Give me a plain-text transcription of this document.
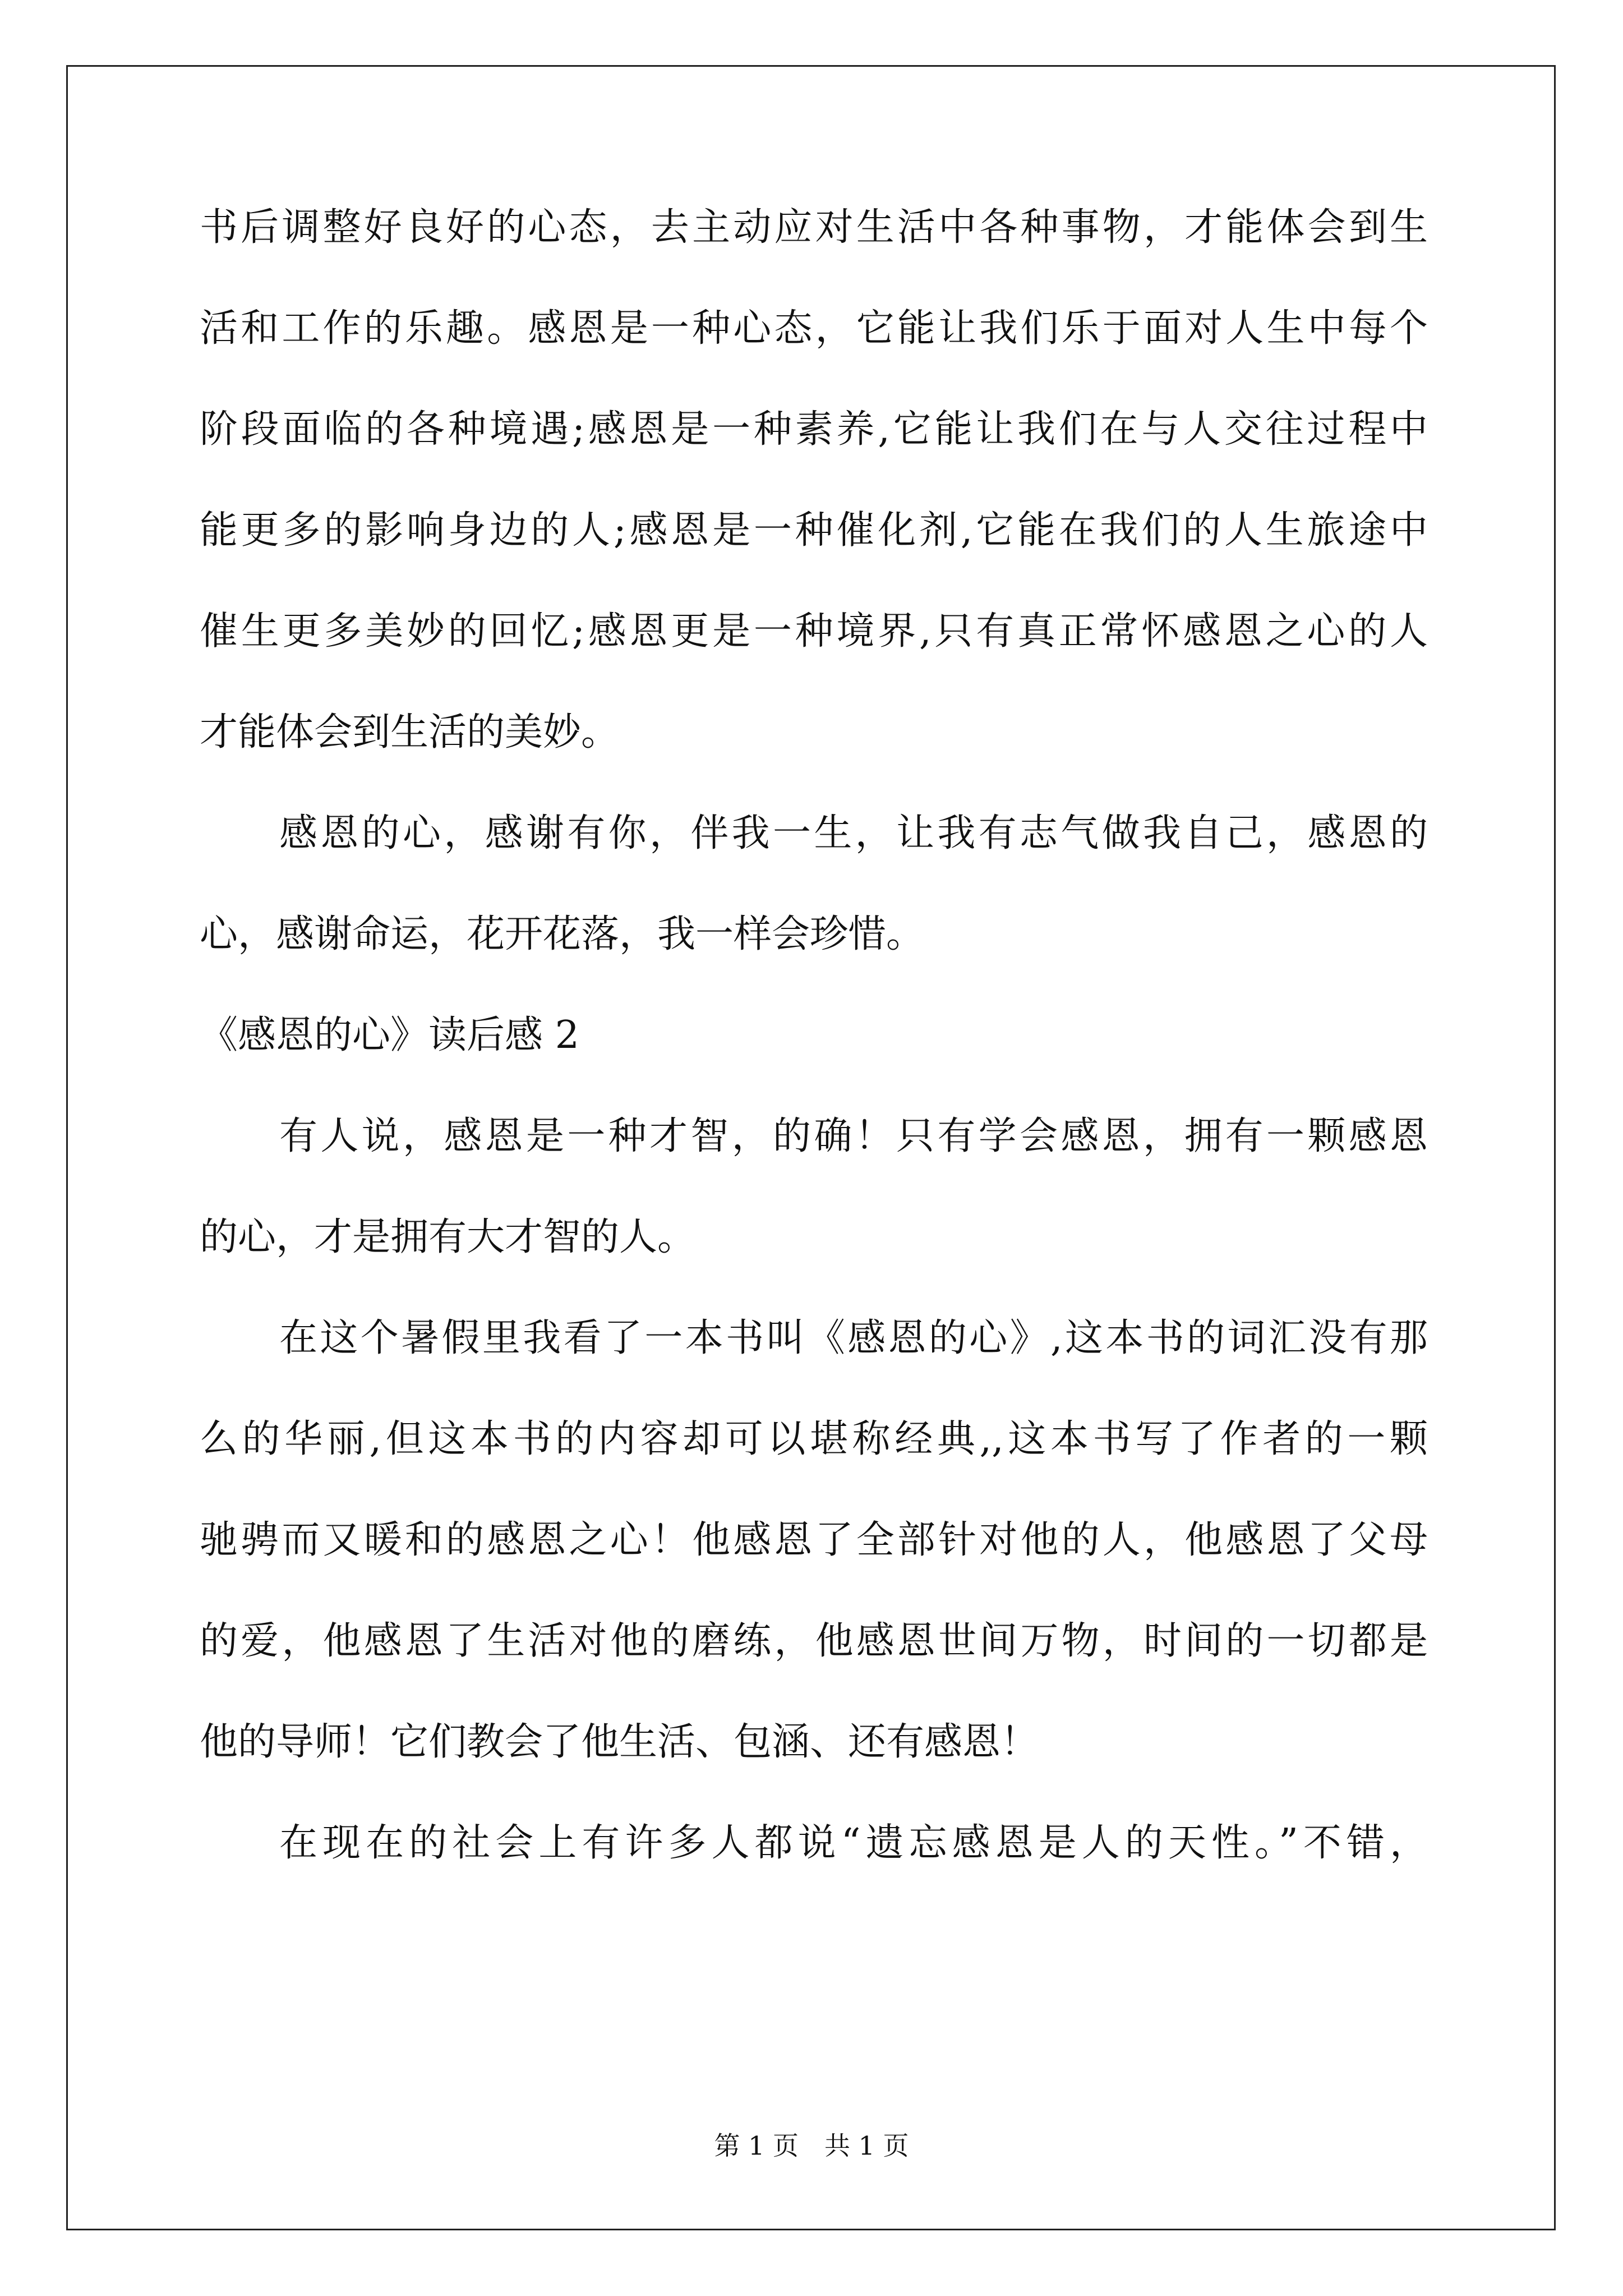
书后调整好良好的心态，去主动应对生活中各种事物，才能体会到生
活和工作的乐趣。感恩是一种心态，它能让我们乐于面对人生中每个
阶段面临的各种境遇;感恩是一种素养,它能让我们在与人交往过程中
能更多的影响身边的人;感恩是一种催化剂,它能在我们的人生旅途中
催生更多美妙的回忆;感恩更是一种境界,只有真正常怀感恩之心的人
才能体会到生活的美妙。
感恩的心，感谢有你，伴我一生，让我有志气做我自己，感恩的
心，感谢命运，花开花落，我一样会珍惜。
《感恩的心》读后感 2
有人说，感恩是一种才智，的确！只有学会感恩，拥有一颗感恩
的心，才是拥有大才智的人。
在这个暑假里我看了一本书叫《感恩的心》,这本书的词汇没有那
么的华丽,但这本书的内容却可以堪称经典,,这本书写了作者的一颗
驰骋而又暖和的感恩之心！他感恩了全部针对他的人，他感恩了父母
的爱，他感恩了生活对他的磨练，他感恩世间万物，时间的一切都是
他的导师！它们教会了他生活、包涵、还有感恩！
在现在的社会上有许多人都说“遗忘感恩是人的天性。”不错，
第 1 页　共 1 页
